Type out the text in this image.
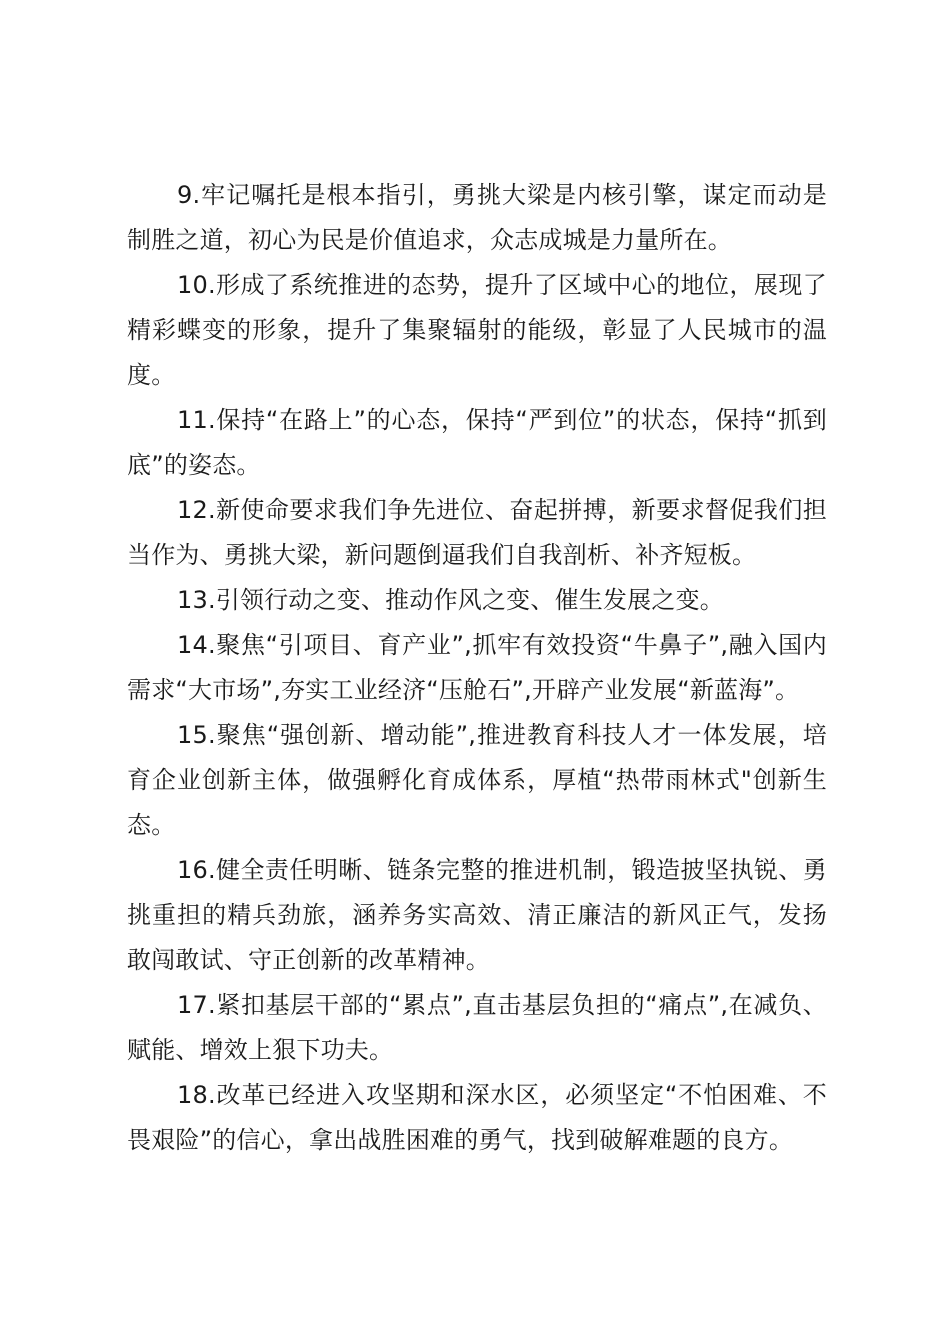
9.牢记嘱托是根本指引，勇挑大梁是内核引擎，谋定而动是制胜之道，初心为民是价值追求，众志成城是力量所在。

10.形成了系统推进的态势，提升了区域中心的地位，展现了精彩蝶变的形象，提升了集聚辐射的能级，彰显了人民城市的温度。

11.保持“在路上”的心态，保持“严到位”的状态，保持“抓到底”的姿态。

12.新使命要求我们争先进位、奋起拼搏，新要求督促我们担当作为、勇挑大梁，新问题倒逼我们自我剖析、补齐短板。

13.引领行动之变、推动作风之变、催生发展之变。

14.聚焦“引项目、育产业”,抓牢有效投资“牛鼻子”,融入国内需求“大市场”,夯实工业经济“压舱石”,开辟产业发展“新蓝海”。

15.聚焦“强创新、增动能”,推进教育科技人才一体发展，培育企业创新主体，做强孵化育成体系，厚植“热带雨林式"创新生态。

16.健全责任明晰、链条完整的推进机制，锻造披坚执锐、勇挑重担的精兵劲旅，涵养务实高效、清正廉洁的新风正气，发扬敢闯敢试、守正创新的改革精神。

17.紧扣基层干部的“累点”,直击基层负担的“痛点”,在减负、赋能、增效上狠下功夫。

18.改革已经进入攻坚期和深水区，必须坚定“不怕困难、不畏艰险”的信心，拿出战胜困难的勇气，找到破解难题的良方。
